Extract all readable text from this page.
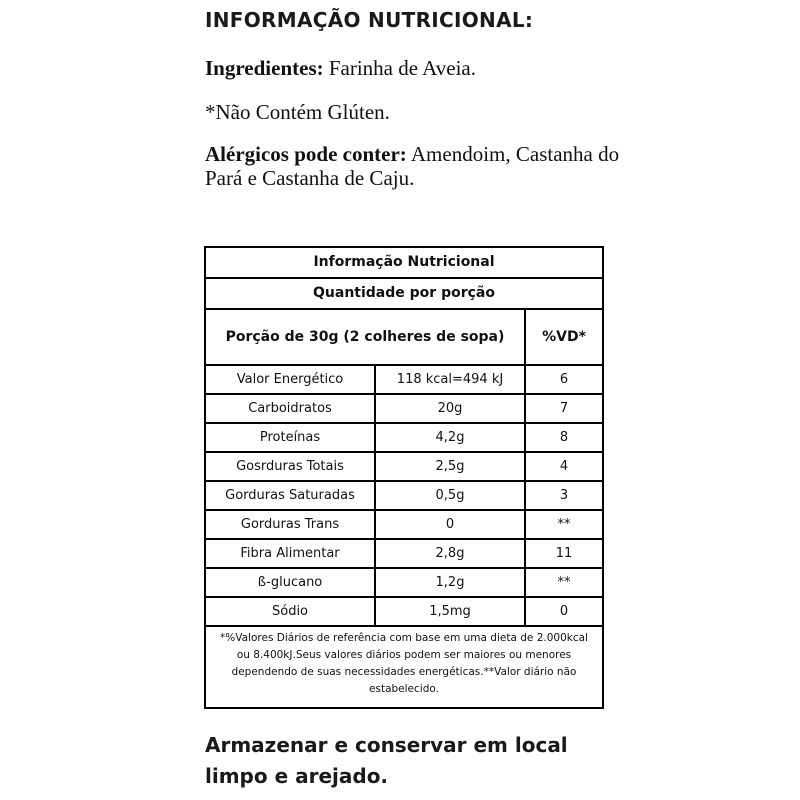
INFORMAÇÃO NUTRICIONAL:
Ingredientes: Farinha de Aveia.
*Não Contém Glúten.
Alérgicos pode conter: Amendoim, Castanha do Pará e Castanha de Caju.
Informação Nutricional
Quantidade por porção
Porção de 30g (2 colheres de sopa)	%VD*
Valor Energético	118 kcal=494 kJ	6
Carboidratos	20g	7
Proteínas	4,2g	8
Gosrduras Totais	2,5g	4
Gorduras Saturadas	0,5g	3
Gorduras Trans	0	**
Fibra Alimentar	2,8g	11
ß-glucano	1,2g	**
Sódio	1,5mg	0
*%Valores Diários de referência com base em uma dieta de 2.000kcal ou 8.400kJ.Seus valores diários podem ser maiores ou menores dependendo de suas necessidades energéticas.**Valor diário não estabelecido.
Armazenar e conservar em local limpo e arejado.
